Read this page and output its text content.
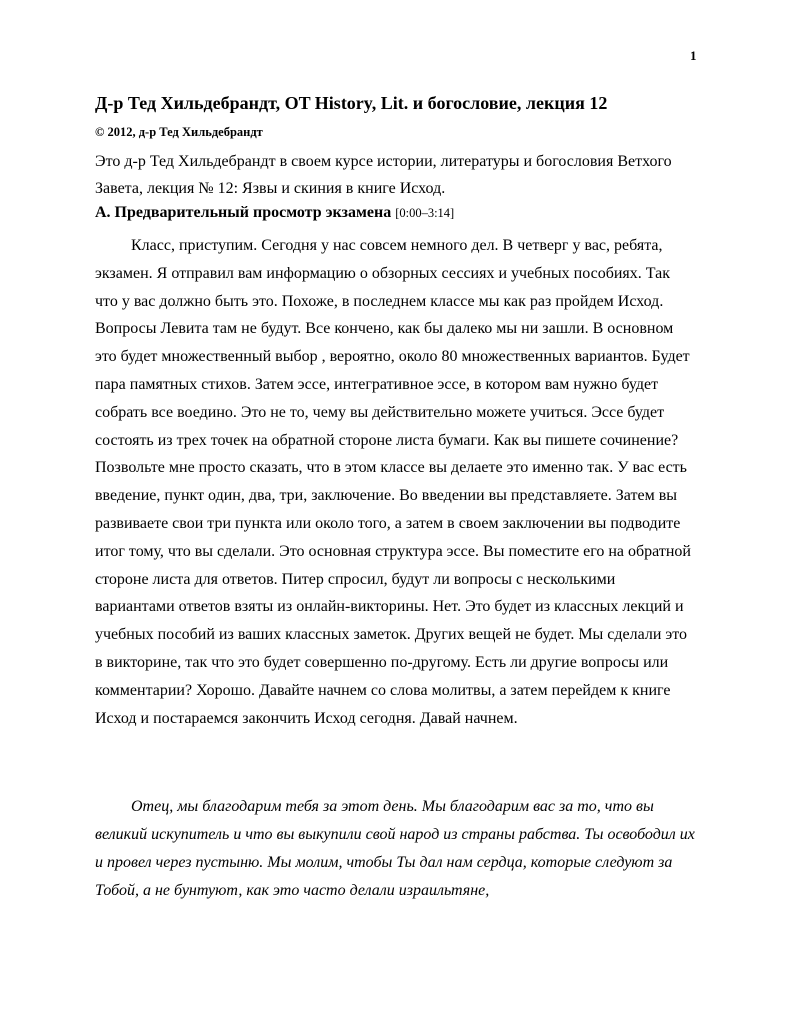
1
Д-р Тед Хильдебрандт, OT History, Lit. и богословие, лекция 12
© 2012, д-р Тед Хильдебрандт
Это д-р Тед Хильдебрандт в своем курсе истории, литературы и богословия Ветхого Завета, лекция № 12: Язвы и скиния в книге Исход.
А. Предварительный просмотр экзамена [0:00–3:14]

Класс, приступим. Сегодня у нас совсем немного дел. В четверг у вас, ребята, экзамен. Я отправил вам информацию о обзорных сессиях и учебных пособиях. Так что у вас должно быть это. Похоже, в последнем классе мы как раз пройдем Исход. Вопросы Левита там не будут. Все кончено, как бы далеко мы ни зашли. В основном это будет множественный выбор , вероятно, около 80 множественных вариантов. Будет пара памятных стихов. Затем эссе, интегративное эссе, в котором вам нужно будет собрать все воедино. Это не то, чему вы действительно можете учиться. Эссе будет состоять из трех точек на обратной стороне листа бумаги. Как вы пишете сочинение? Позвольте мне просто сказать, что в этом классе вы делаете это именно так. У вас есть введение, пункт один, два, три, заключение. Во введении вы представляете. Затем вы развиваете свои три пункта или около того, а затем в своем заключении вы подводите итог тому, что вы сделали. Это основная структура эссе. Вы поместите его на обратной стороне листа для ответов. Питер спросил, будут ли вопросы с несколькими вариантами ответов взяты из онлайн-викторины. Нет. Это будет из классных лекций и учебных пособий из ваших классных заметок. Других вещей не будет. Мы сделали это в викторине, так что это будет совершенно по-другому. Есть ли другие вопросы или комментарии? Хорошо. Давайте начнем со слова молитвы, а затем перейдем к книге Исход и постараемся закончить Исход сегодня. Давай начнем.

Отец, мы благодарим тебя за этот день. Мы благодарим вас за то, что вы великий искупитель и что вы выкупили свой народ из страны рабства. Ты освободил их и провел через пустыню. Мы молим, чтобы Ты дал нам сердца, которые следуют за Тобой, а не бунтуют, как это часто делали израильтяне,
